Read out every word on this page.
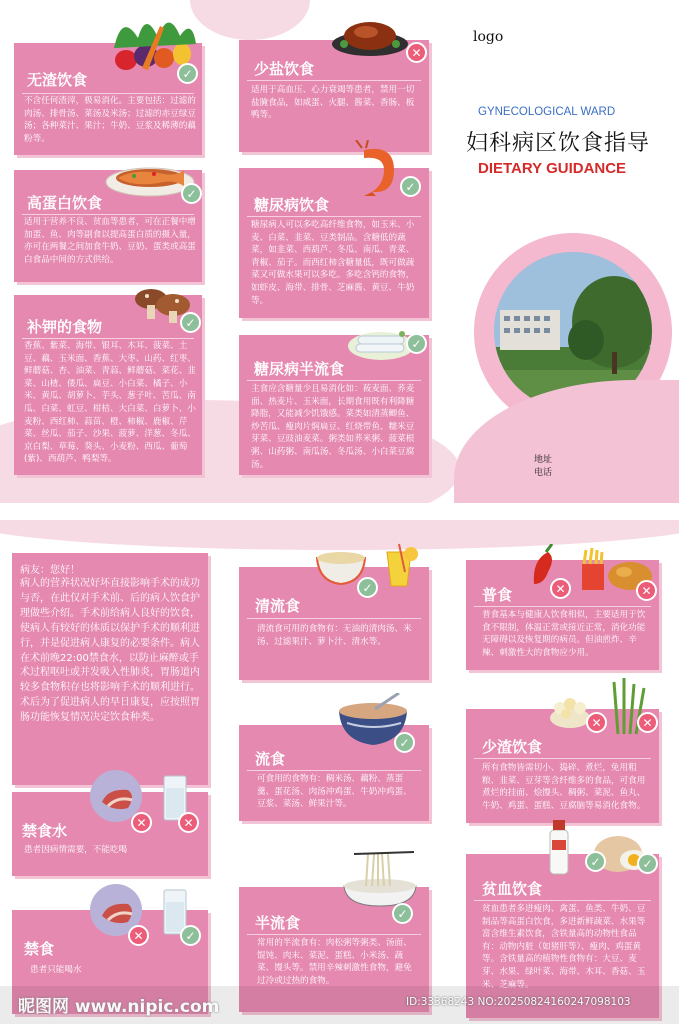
无渣饮食

不含任何渣滓，极易消化。主要包括：过滤的肉汤、排骨汤、菜汤及米汤；过滤的赤豆绿豆汤；各种菜汁、果汁；牛奶、豆浆及稀薄的藕粉等。

✓
高蛋白饮食

适用于营养不良、贫血等患者，可在正餐中增加蛋、鱼、肉等副食以提高蛋白质的摄入量，亦可在两餐之间加食牛奶、豆奶、蛋类或高蛋白食品中间的方式供给。

✓
补钾的食物

香蕉、紫菜、海带、银耳、木耳、菠菜、土豆、藕、玉米面、香蕉、大枣、山药、红枣、鲜蘑菇、杏、油菜、青蒜、鲜蘑菇、菜花、韭菜、山楂、倭瓜、扁豆、小白菜、橘子、小米、黄瓜、胡萝卜、芋头、葱子叶、苦瓜、南瓜、白菜、虹豆、柑桔、大白菜、白萝卜、小麦粉、西红柿、蒜苗、橙、柿椒、鹿椒、芹菜、丝瓜、茄子、沙果、菠萝、洋葱、冬瓜、京白梨、草莓、葵头、小麦粉、西瓜、葡萄(紫)、西葫芦、鸭梨等。

✓
少盐饮食

适用于高血压、心力衰竭等患者，禁用一切盐腌食品，如咸蛋、火腿、酱菜、香肠、板鸭等。

✕
糖尿病饮食

糖尿病人可以多吃高纤维食物，如玉米、小麦、白菜、韭菜、豆类制品。含糖低的蔬菜，如韭菜、西葫芦、冬瓜、南瓜、青菜、青椒、茄子。而西红柿含糖量低，既可做蔬菜又可做水果可以多吃。多吃含钙的食物，如虾皮、海带、排骨、芝麻酱、黄豆、牛奶等。

✓
糖尿病半流食

主食应含糖量少且易消化如：莜麦面、荞麦面、热麦片、玉米面，长期食用既有利降糖降脂，又能减少饥饿感。菜类如清蒸鲫鱼、炒苦瓜、瘦肉片焖扁豆、红烧带鱼、糯米豆芽菜、豆豉油麦菜。粥类如荞米粥、菠菜根粥、山药粥、南瓜汤、冬瓜汤、小白菜豆腐汤。

✓
logo
GYNECOLOGICAL WARD
妇科病区饮食指导
DIETARY GUIDANCE
地址
电话
病友：您好！

病人的营养状况好坏直接影响手术的成功与否，在此仅对手术前、后的病人饮食护理做些介绍。手术前给病人良好的饮食，使病人有较好的体质以保护手术的顺利进行，并是促进病人康复的必要条件。病人在术前晚22:00禁食水，以防止麻醉或手术过程呕吐或并发吸入性肺炎，胃肠道内较多食物积存也将影响手术的顺利进行。术后为了促进病人的早日康复，应按照胃肠功能恢复情况决定饮食种类。

禁食水

患者因病情需要，不能吃喝

✕	✕
禁食

患者只能喝水

✕	✓
清流食

清流食可用的食物有：无油的清肉汤、米汤、过滤果汁、萝卜汁、清水等。

✓
流食

可食用的食物有：稠米汤、藕粉、蒸蛋羹、蛋花汤、肉汤冲鸡蛋、牛奶冲鸡蛋、豆浆、菜汤、鲜果汁等。

✓
半流食

常用的半流食有：肉松粥等粥类、汤面、馄饨、肉末、菜泥、蛋糕、小米汤、蔬菜、馒头等。禁用辛辣刺激性食物，避免过冷或过热的食物。

✓
普食

普食基本与健康人饮食相似，主要适用于饮食不限制，体温正常或接近正常，消化功能无障碍以及恢复期的病员。但油煎炸、辛辣、刺激性大的食物应少用。

✕	✕
少渣饮食

所有食物皆需切小、捣碎、煮烂，免用粗粮、韭菜、豆芽等含纤维多的食品，可食用煮烂的挂面、烩馒头、稠粥、菜泥、鱼丸、牛奶、鸡蛋、蛋糕、豆腐脑等易消化食物。

✕	✕
贫血饮食

贫血患者多进瘦肉、禽蛋、鱼类、牛奶、豆制品等高蛋白饮食，多进新鲜蔬菜、水果等富含维生素饮食，含铁量高的动物性食品有：动物内脏（如猪肝等）、瘦肉、鸡蛋黄等。含铁量高的植物性食物有：大豆、麦芽、水果、绿叶菜、海带、木耳、香菇、玉米、芝麻等。

✓	✓
昵图网 www.nipic.com	ID:33368243 NO:20250824160247098103
